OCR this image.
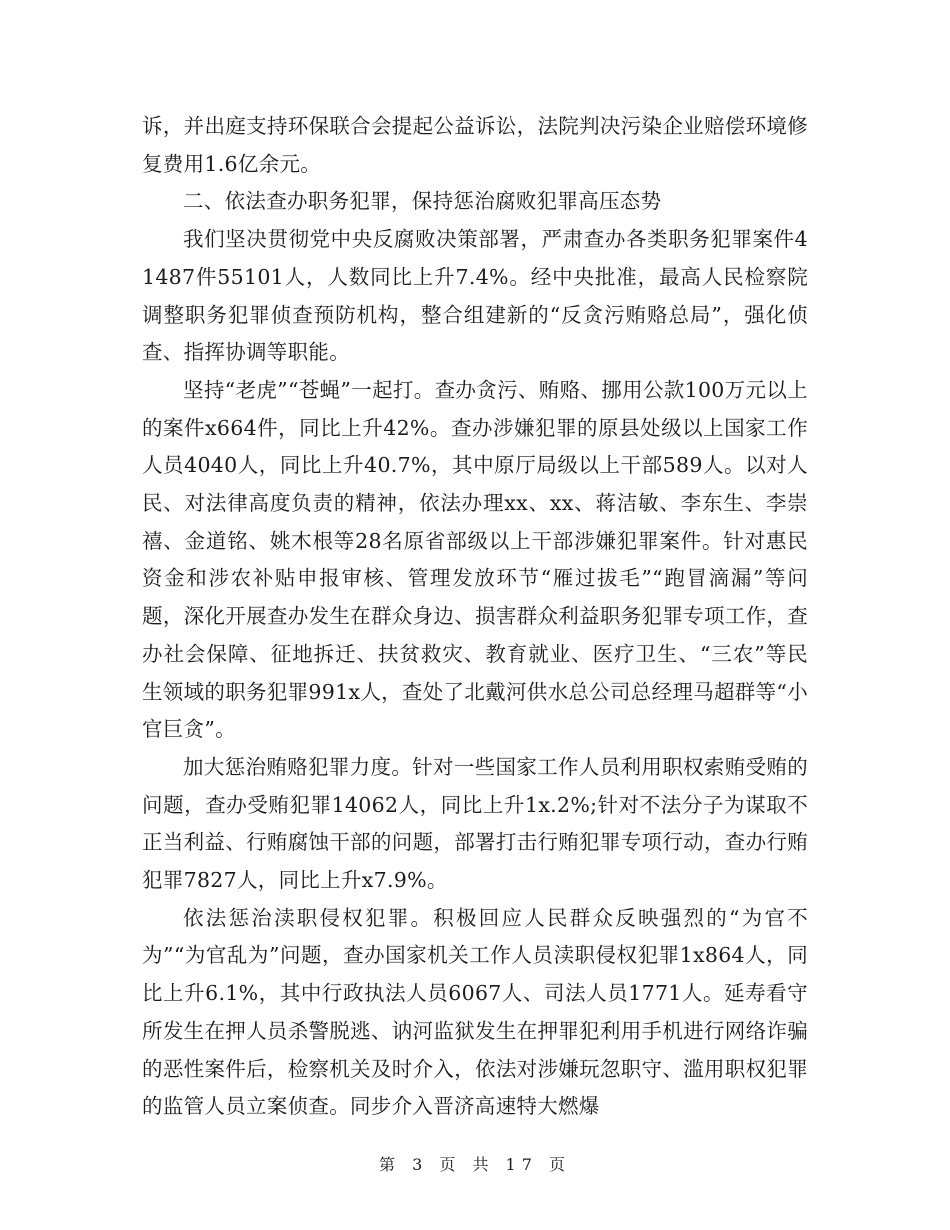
诉，并出庭支持环保联合会提起公益诉讼，法院判决污染企业赔偿环境修复费用1.6亿余元。

二、依法查办职务犯罪，保持惩治腐败犯罪高压态势

我们坚决贯彻党中央反腐败决策部署，严肃查办各类职务犯罪案件41487件55101人，人数同比上升7.4%。经中央批准，最高人民检察院调整职务犯罪侦查预防机构，整合组建新的“反贪污贿赂总局”，强化侦查、指挥协调等职能。

坚持“老虎”“苍蝇”一起打。查办贪污、贿赂、挪用公款100万元以上的案件x664件，同比上升42%。查办涉嫌犯罪的原县处级以上国家工作人员4040人，同比上升40.7%，其中原厅局级以上干部589人。以对人民、对法律高度负责的精神，依法办理xx、xx、蒋洁敏、李东生、李崇禧、金道铭、姚木根等28名原省部级以上干部涉嫌犯罪案件。针对惠民资金和涉农补贴申报审核、管理发放环节“雁过拔毛”“跑冒滴漏”等问题，深化开展查办发生在群众身边、损害群众利益职务犯罪专项工作，查办社会保障、征地拆迁、扶贫救灾、教育就业、医疗卫生、“三农”等民生领域的职务犯罪991x人，查处了北戴河供水总公司总经理马超群等“小官巨贪”。

加大惩治贿赂犯罪力度。针对一些国家工作人员利用职权索贿受贿的问题，查办受贿犯罪14062人，同比上升1x.2%;针对不法分子为谋取不正当利益、行贿腐蚀干部的问题，部署打击行贿犯罪专项行动，查办行贿犯罪7827人，同比上升x7.9%。

依法惩治渎职侵权犯罪。积极回应人民群众反映强烈的“为官不为”“为官乱为”问题，查办国家机关工作人员渎职侵权犯罪1x864人，同比上升6.1%，其中行政执法人员6067人、司法人员1771人。延寿看守所发生在押人员杀警脱逃、讷河监狱发生在押罪犯利用手机进行网络诈骗的恶性案件后，检察机关及时介入，依法对涉嫌玩忽职守、滥用职权犯罪的监管人员立案侦查。同步介入晋济高速特大燃爆

第 3 页 共 17 页
